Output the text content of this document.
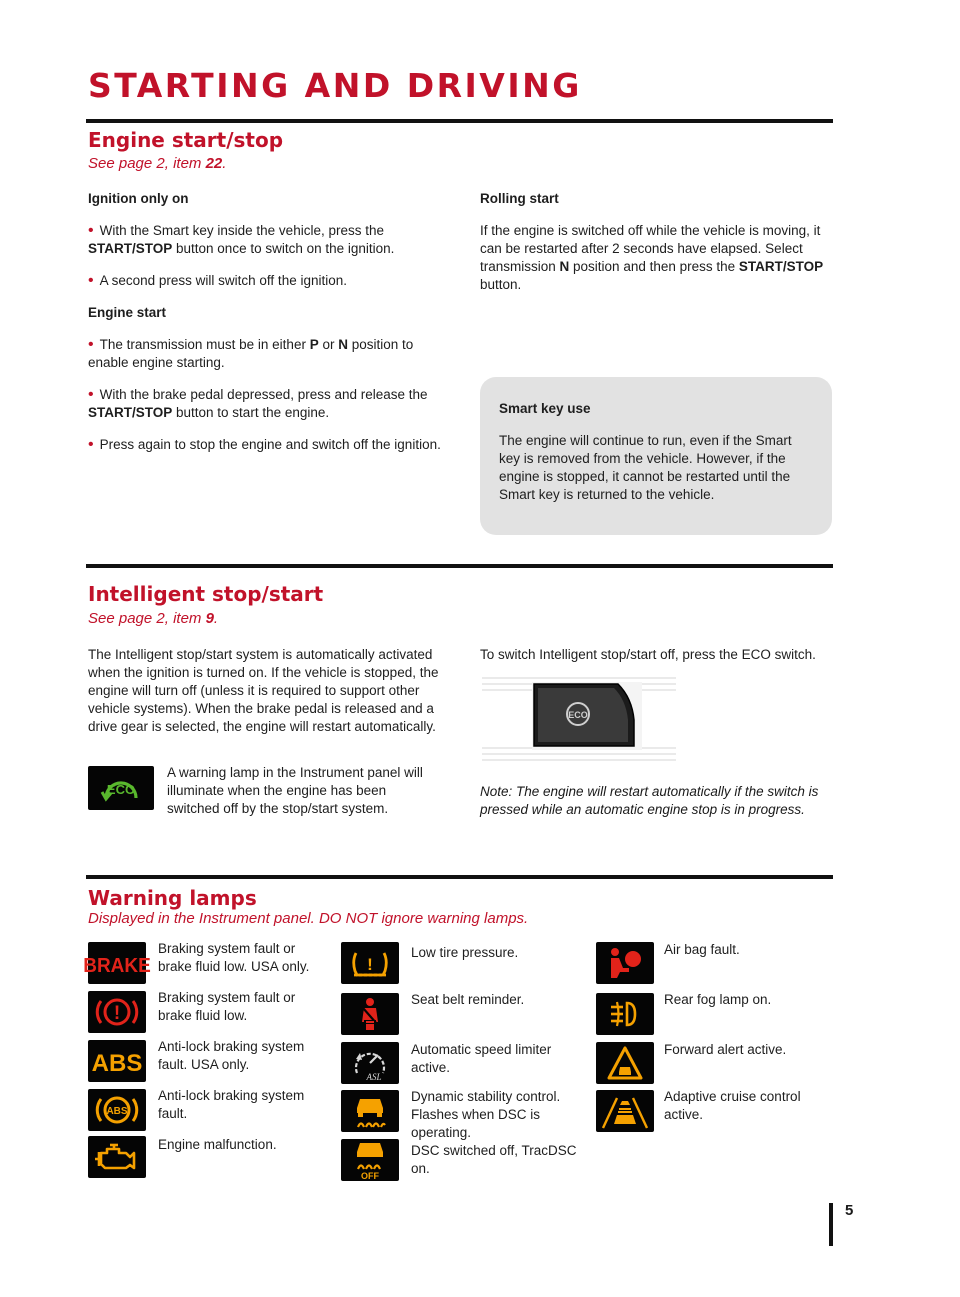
STARTING AND DRIVING
Engine start/stop
See page 2, item 22.
Ignition only on
• With the Smart key inside the vehicle, press the START/STOP button once to switch on the ignition.
• A second press will switch off the ignition.
Engine start
• The transmission must be in either P or N position to enable engine starting.
• With the brake pedal depressed, press and release the START/STOP button to start the engine.
• Press again to stop the engine and switch off the ignition.
Rolling start
If the engine is switched off while the vehicle is moving, it can be restarted after 2 seconds have elapsed. Select transmission N position and then press the START/STOP button.
Smart key use
The engine will continue to run, even if the Smart key is removed from the vehicle. However, if the engine is stopped, it cannot be restarted until the Smart key is returned to the vehicle.
Intelligent stop/start
See page 2, item 9.
The Intelligent stop/start system is automatically activated when the ignition is turned on. If the vehicle is stopped, the engine will turn off (unless it is required to support other vehicle systems). When the brake pedal is released and a drive gear is selected, the engine will restart automatically.
ECO
A warning lamp in the Instrument panel will illuminate when the engine has been switched off by the stop/start system.
To switch Intelligent stop/start off, press the ECO switch.
ECO
Note: The engine will restart automatically if the switch is pressed while an automatic engine stop is in progress.
Warning lamps
Displayed in the Instrument panel. DO NOT ignore warning lamps.
BRAKE
Braking system fault or brake fluid low. USA only.
!
Braking system fault or brake fluid low.
ABS
Anti-lock braking system fault. USA only.
ABS
Anti-lock braking system fault.
Engine malfunction.
!
Low tire pressure.
Seat belt reminder.
ASL
Automatic speed limiter active.
Dynamic stability control. Flashes when DSC is operating.
OFF
DSC switched off, TracDSC on.
Air bag fault.
Rear fog lamp on.
Forward alert active.
Adaptive cruise control active.
5
